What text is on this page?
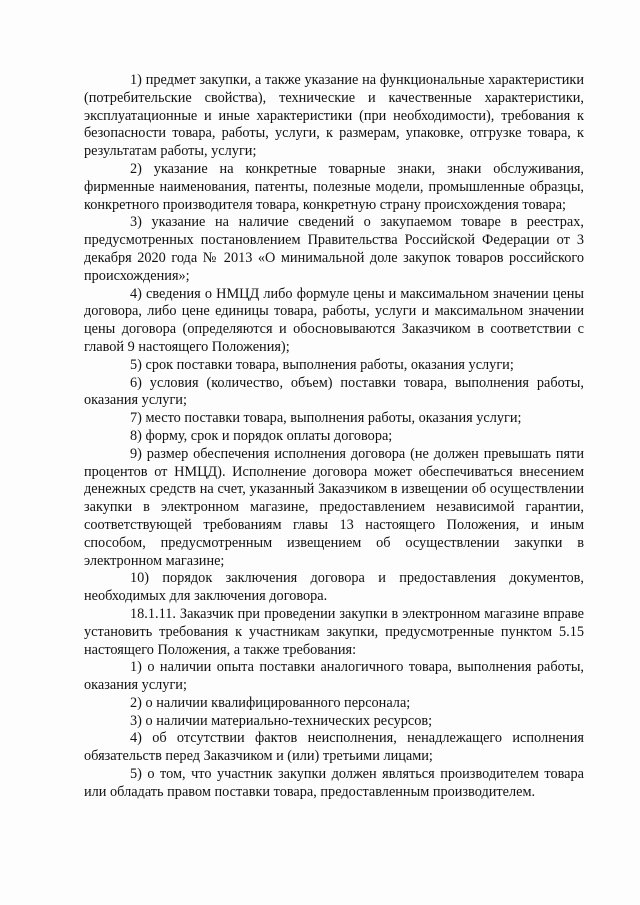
1) предмет закупки, а также указание на функциональные характеристики (потребительские свойства), технические и качественные характеристики, эксплуатационные и иные характеристики (при необходимости), требования к безопасности товара, работы, услуги, к размерам, упаковке, отгрузке товара, к результатам работы, услуги;

2) указание на конкретные товарные знаки, знаки обслуживания, фирменные наименования, патенты, полезные модели, промышленные образцы, конкретного производителя товара, конкретную страну происхождения товара;

3) указание на наличие сведений о закупаемом товаре в реестрах, предусмотренных постановлением Правительства Российской Федерации от 3 декабря 2020 года № 2013 «О минимальной доле закупок товаров российского происхождения»;

4) сведения о НМЦД либо формуле цены и максимальном значении цены договора, либо цене единицы товара, работы, услуги и максимальном значении цены договора (определяются и обосновываются Заказчиком в соответствии с главой 9 настоящего Положения);

5) срок поставки товара, выполнения работы, оказания услуги;

6) условия (количество, объем) поставки товара, выполнения работы, оказания услуги;

7) место поставки товара, выполнения работы, оказания услуги;

8) форму, срок и порядок оплаты договора;

9) размер обеспечения исполнения договора (не должен превышать пяти процентов от НМЦД). Исполнение договора может обеспечиваться внесением денежных средств на счет, указанный Заказчиком в извещении об осуществлении закупки в электронном магазине, предоставлением независимой гарантии, соответствующей требованиям главы 13 настоящего Положения, и иным способом, предусмотренным извещением об осуществлении закупки в электронном магазине;

10) порядок заключения договора и предоставления документов, необходимых для заключения договора.

18.1.11. Заказчик при проведении закупки в электронном магазине вправе установить требования к участникам закупки, предусмотренные пунктом 5.15 настоящего Положения, а также требования:

1) о наличии опыта поставки аналогичного товара, выполнения работы, оказания услуги;

2) о наличии квалифицированного персонала;

3) о наличии материально-технических ресурсов;

4) об отсутствии фактов неисполнения, ненадлежащего исполнения обязательств перед Заказчиком и (или) третьими лицами;

5) о том, что участник закупки должен являться производителем товара или обладать правом поставки товара, предоставленным производителем.
